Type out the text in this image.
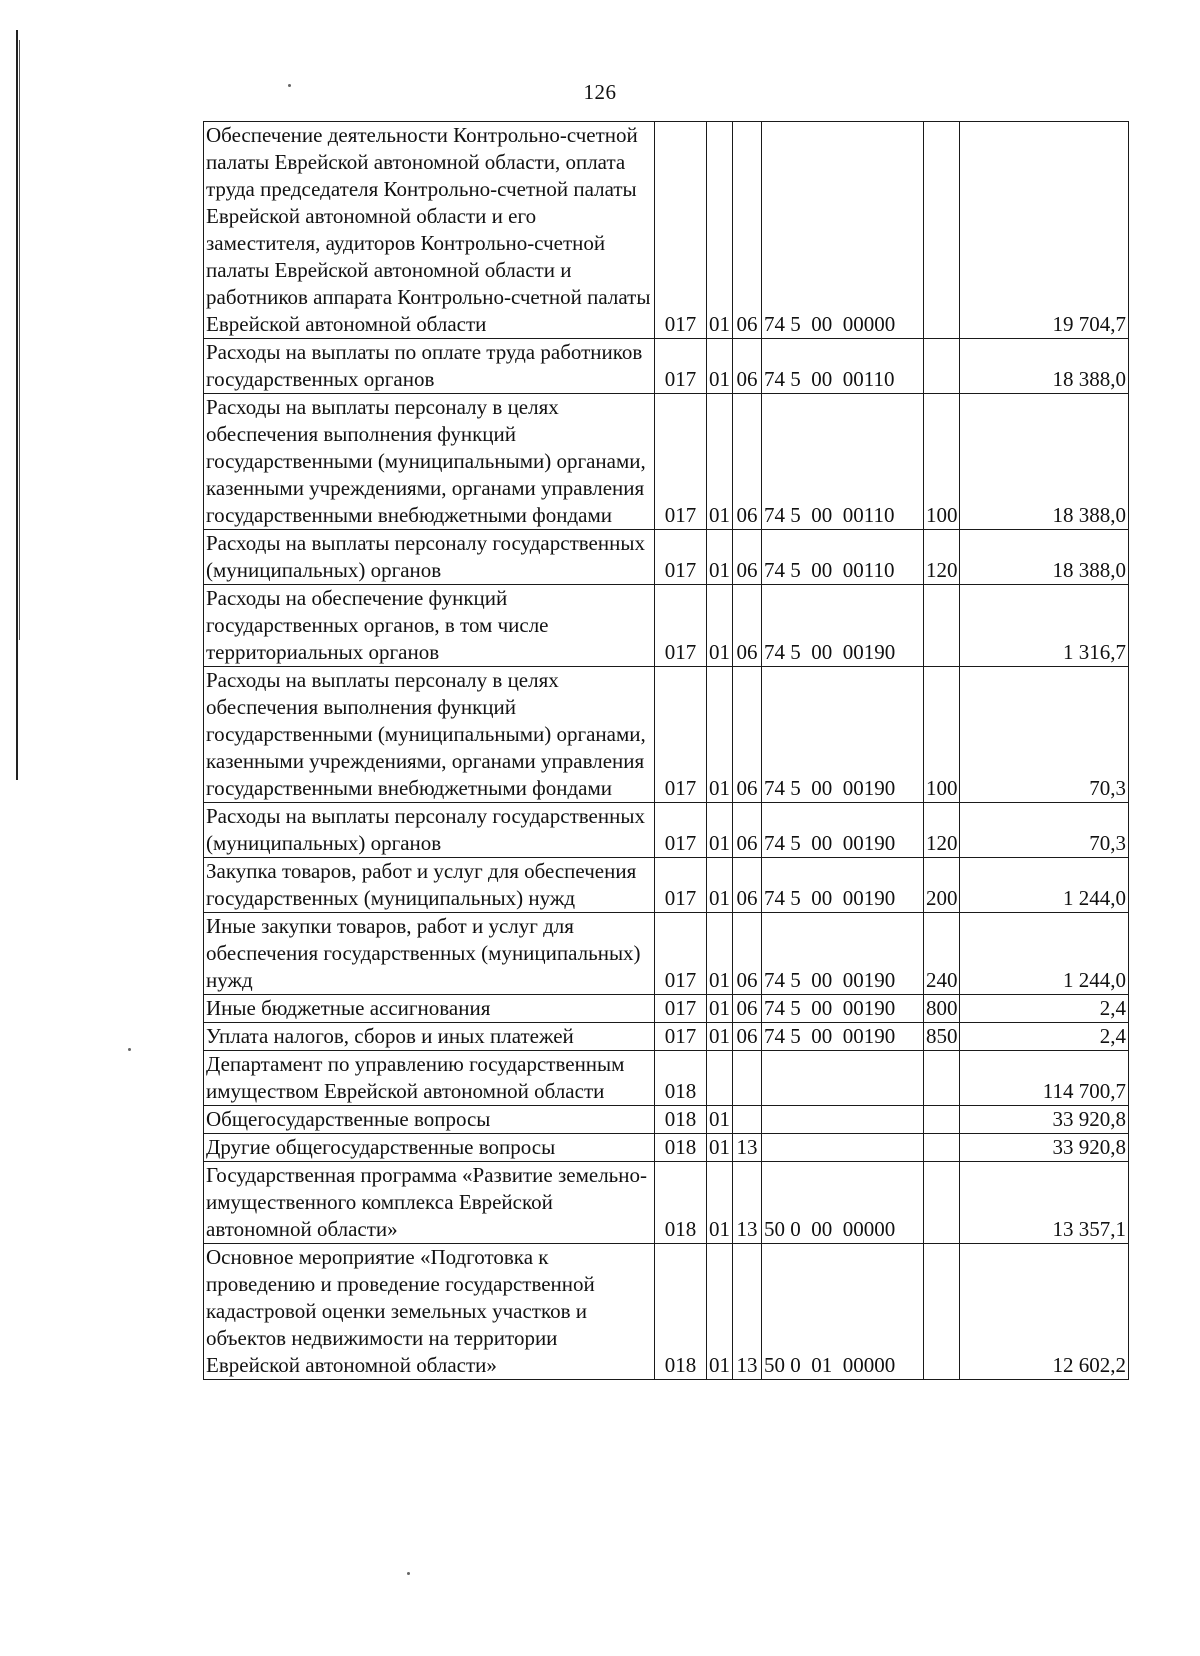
126
Обеспечение деятельности Контрольно-счетной палаты Еврейской автономной области, оплата труда председателя Контрольно-счетной палаты Еврейской автономной области и его заместителя, аудиторов Контрольно-счетной палаты Еврейской автономной области и работников аппарата Контрольно-счетной палаты Еврейской автономной области	017	01	06	74 5  00  00000		19 704,7
Расходы на выплаты по оплате труда работников государственных органов	017	01	06	74 5  00  00110		18 388,0
Расходы на выплаты персоналу в целях обеспечения выполнения функций государственными (муниципальными) органами, казенными учреждениями, органами управления государственными внебюджетными фондами	017	01	06	74 5  00  00110	100	18 388,0
Расходы на выплаты персоналу государственных (муниципальных) органов	017	01	06	74 5  00  00110	120	18 388,0
Расходы на обеспечение функций государственных органов, в том числе территориальных органов	017	01	06	74 5  00  00190		1 316,7
Расходы на выплаты персоналу в целях обеспечения выполнения функций государственными (муниципальными) органами, казенными учреждениями, органами управления государственными внебюджетными фондами	017	01	06	74 5  00  00190	100	70,3
Расходы на выплаты персоналу государственных (муниципальных) органов	017	01	06	74 5  00  00190	120	70,3
Закупка товаров, работ и услуг для обеспечения государственных (муниципальных) нужд	017	01	06	74 5  00  00190	200	1 244,0
Иные закупки товаров, работ и услуг для обеспечения государственных (муниципальных) нужд	017	01	06	74 5  00  00190	240	1 244,0
Иные бюджетные ассигнования	017	01	06	74 5  00  00190	800	2,4
Уплата налогов, сборов и иных платежей	017	01	06	74 5  00  00190	850	2,4
Департамент по управлению государственным имуществом Еврейской автономной области	018					114 700,7
Общегосударственные вопросы	018	01				33 920,8
Другие общегосударственные вопросы	018	01	13			33 920,8
Государственная программа «Развитие земельно-имущественного комплекса Еврейской автономной области»	018	01	13	50 0  00  00000		13 357,1
Основное мероприятие «Подготовка к проведению и проведение государственной кадастровой оценки земельных участков и объектов недвижимости на территории Еврейской автономной области»	018	01	13	50 0  01  00000		12 602,2
